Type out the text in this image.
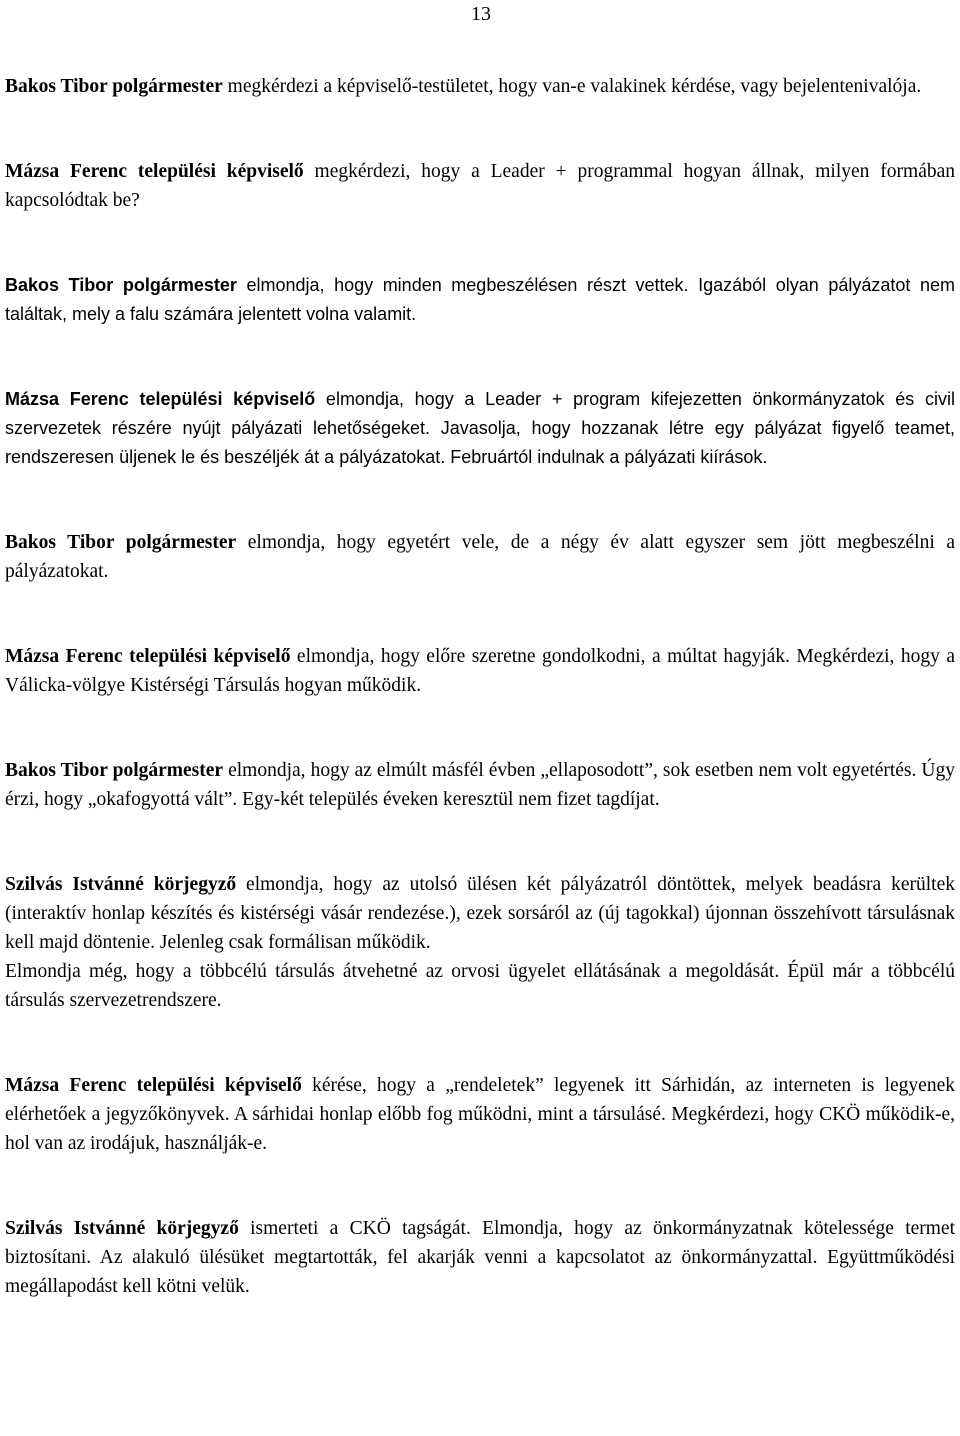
13

Bakos Tibor polgármester megkérdezi a képviselő-testületet, hogy van-e valakinek kérdése, vagy bejelentenivalója.

Mázsa Ferenc települési képviselő megkérdezi, hogy a Leader + programmal hogyan állnak, milyen formában kapcsolódtak be?

Bakos Tibor polgármester elmondja, hogy minden megbeszélésen részt vettek. Igazából olyan pályázatot nem találtak, mely a falu számára jelentett volna valamit.

Mázsa Ferenc települési képviselő elmondja, hogy a Leader + program kifejezetten önkormányzatok és civil szervezetek részére nyújt pályázati lehetőségeket. Javasolja, hogy hozzanak létre egy pályázat figyelő teamet, rendszeresen üljenek le és beszéljék át a pályázatokat. Februártól indulnak a pályázati kiírások.

Bakos Tibor polgármester elmondja, hogy egyetért vele, de a négy év alatt egyszer sem jött megbeszélni a pályázatokat.

Mázsa Ferenc települési képviselő elmondja, hogy előre szeretne gondolkodni, a múltat hagyják. Megkérdezi, hogy a Válicka-völgye Kistérségi Társulás hogyan működik.

Bakos Tibor polgármester elmondja, hogy az elmúlt másfél évben „ellaposodott”, sok esetben nem volt egyetértés. Úgy érzi, hogy „okafogyottá vált”. Egy-két település éveken keresztül nem fizet tagdíjat.

Szilvás Istvánné körjegyző elmondja, hogy az utolsó ülésen két pályázatról döntöttek, melyek beadásra kerültek (interaktív honlap készítés és kistérségi vásár rendezése.), ezek sorsáról az (új tagokkal) újonnan összehívott társulásnak kell majd döntenie. Jelenleg csak formálisan működik.

Elmondja még, hogy a többcélú társulás átvehetné az orvosi ügyelet ellátásának a megoldását. Épül már a többcélú társulás szervezetrendszere.

Mázsa Ferenc települési képviselő kérése, hogy a „rendeletek” legyenek itt Sárhidán, az interneten is legyenek elérhetőek a jegyzőkönyvek. A sárhidai honlap előbb fog működni, mint a társulásé. Megkérdezi, hogy CKÖ működik-e, hol van az irodájuk, használják-e.

Szilvás Istvánné körjegyző ismerteti a CKÖ tagságát. Elmondja, hogy az önkormányzatnak kötelessége termet biztosítani. Az alakuló ülésüket megtartották, fel akarják venni a kapcsolatot az önkormányzattal. Együttműködési megállapodást kell kötni velük.
